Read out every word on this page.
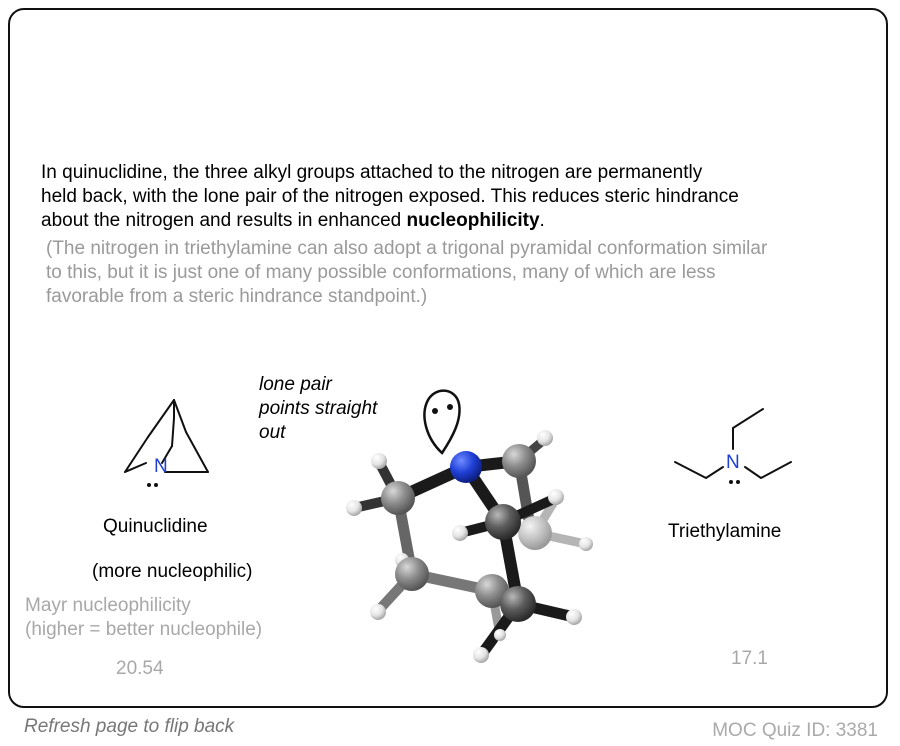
In quinuclidine, the three alkyl groups attached to the nitrogen are permanently

held back, with the lone pair of the nitrogen exposed. This reduces steric hindrance

about the nitrogen and results in enhanced nucleophilicity.

(The nitrogen in triethylamine can also adopt a trigonal pyramidal conformation similar

to this, but it is just one of many possible conformations, many of which are less

favorable from a steric hindrance standpoint.)

N
Quinuclidine
(more nucleophilic)

Mayr nucleophilicity

(higher = better nucleophile)

20.54
N
Triethylamine
17.1

lone pair

points straight

out

Refresh page to flip back	MOC Quiz ID: 3381
